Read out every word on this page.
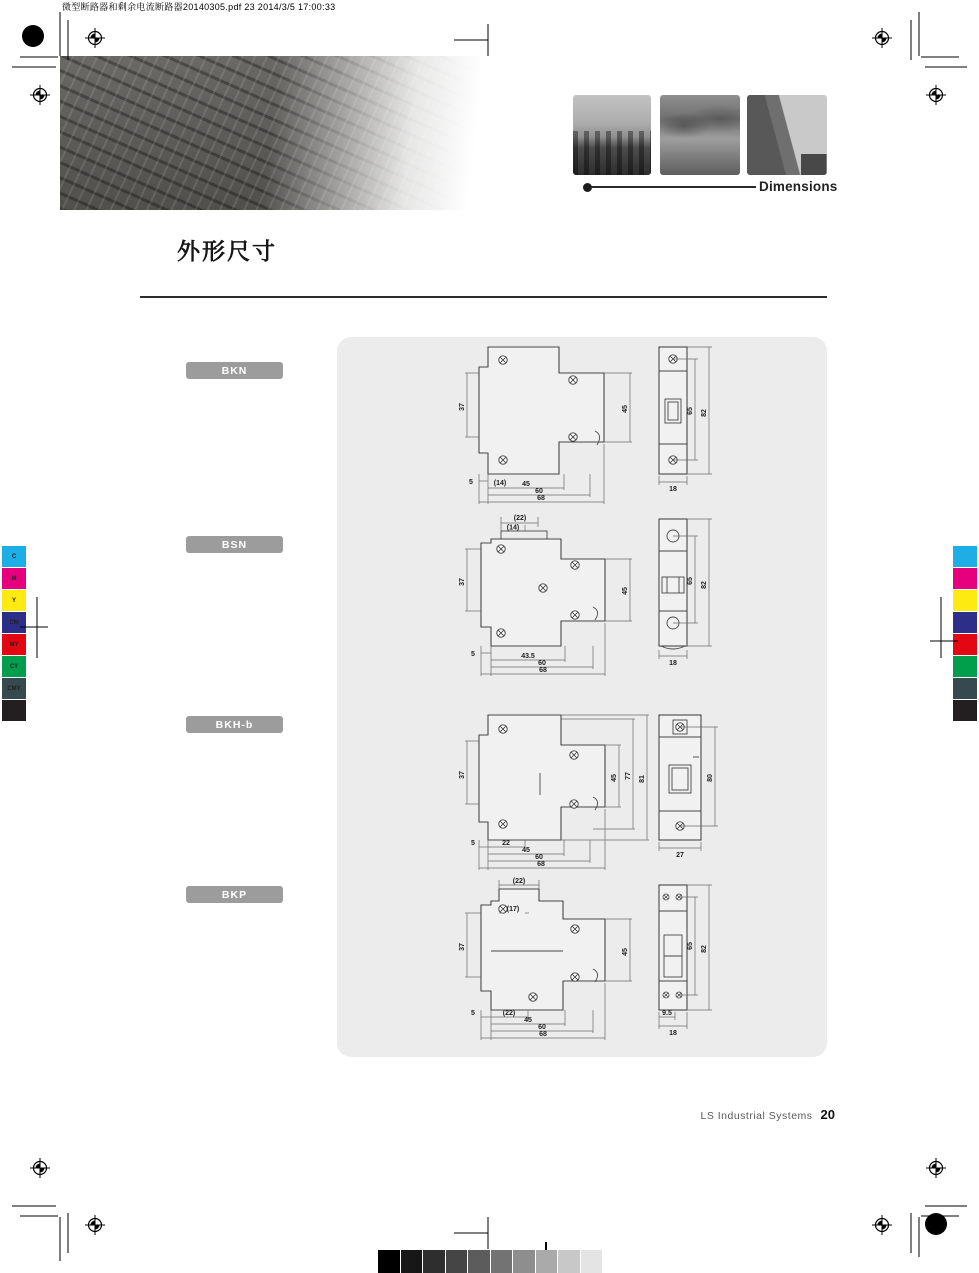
微型断路器和剩余电流断路器20140305.pdf 23 2014/3/5 17:00:33
Dimensions
外形尺寸
BKN
BSN
BKH-b
BKP
37	45
5	(14) 45
60
68
65 82
18
(22)
(14)
37
45
5	43.5
60
68
65
82
18
37	45 77 81
5	22
45
60
68
80
27
(22)
(17)
37
45
5	(22)
45
60
68
65 82
9.5
18
LS Industrial Systems 20
C
M
Y
CM
MY
CY
CMY
K
